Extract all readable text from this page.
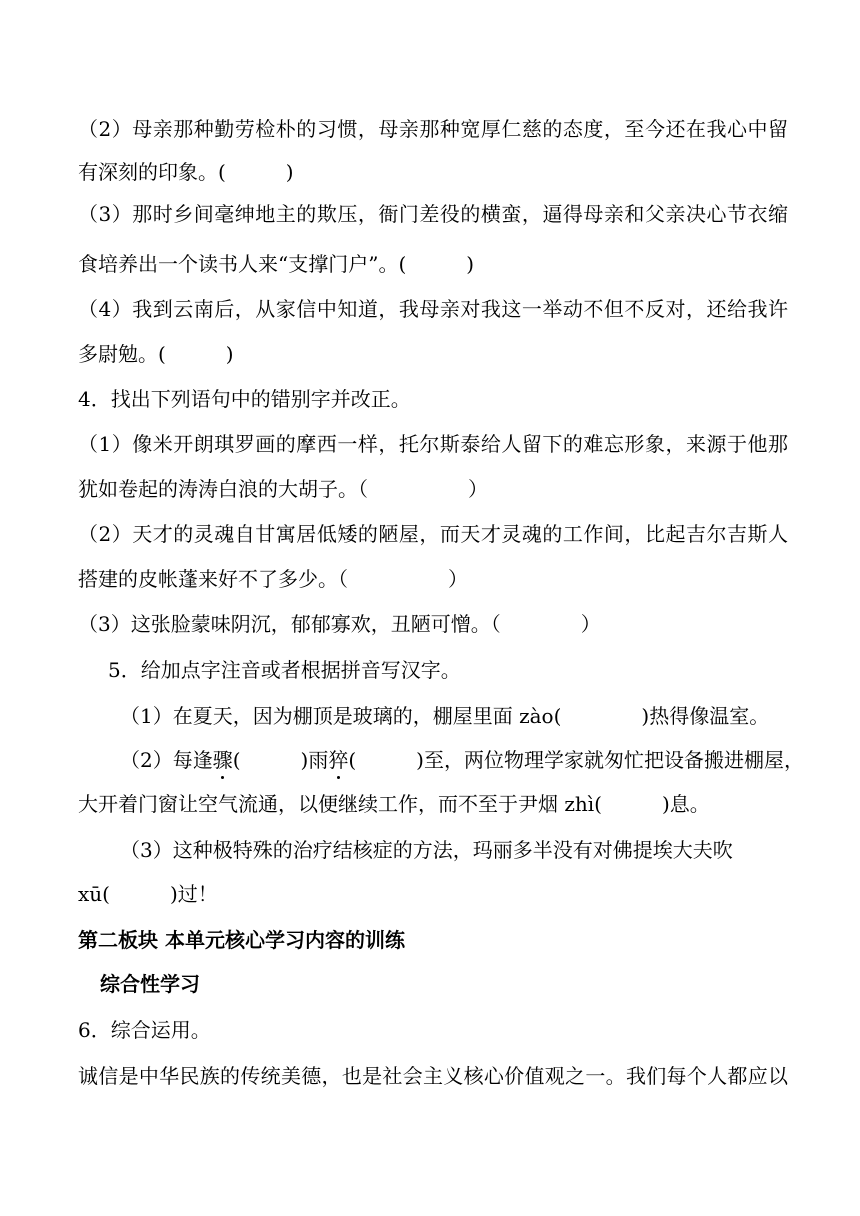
（2）母亲那种勤劳检朴的习惯，母亲那种宽厚仁慈的态度，至今还在我心中留
有深刻的印象。(　　　)
（3）那时乡间毫绅地主的欺压，衙门差役的横蛮，逼得母亲和父亲决心节衣缩
食培养出一个读书人来“支撑门户”。(　　　)
（4）我到云南后，从家信中知道，我母亲对我这一举动不但不反对，还给我许
多尉勉。(　　　)
4．找出下列语句中的错别字并改正。
（1）像米开朗琪罗画的摩西一样，托尔斯泰给人留下的难忘形象，来源于他那
犹如卷起的涛涛白浪的大胡子。（　　　　　）
（2）天才的灵魂自甘寓居低矮的陋屋，而天才灵魂的工作间，比起吉尔吉斯人
搭建的皮帐蓬来好不了多少。（　　　　　）
（3）这张脸蒙味阴沉，郁郁寡欢，丑陋可憎。（　　　　）
5．给加点字注音或者根据拼音写汉字。
（1）在夏天，因为棚顶是玻璃的，棚屋里面 zào(　　　　)热得像温室。
（2）每逢骤(　　　)雨猝(　　　)至，两位物理学家就匆忙把设备搬进棚屋，
大开着门窗让空气流通，以便继续工作，而不至于尹烟 zhì(　　　)息。
（3）这种极特殊的治疗结核症的方法，玛丽多半没有对佛提埃大夫吹
xū(　　　)过！
第二板块 本单元核心学习内容的训练
综合性学习
6．综合运用。
诚信是中华民族的传统美德，也是社会主义核心价值观之一。我们每个人都应以
